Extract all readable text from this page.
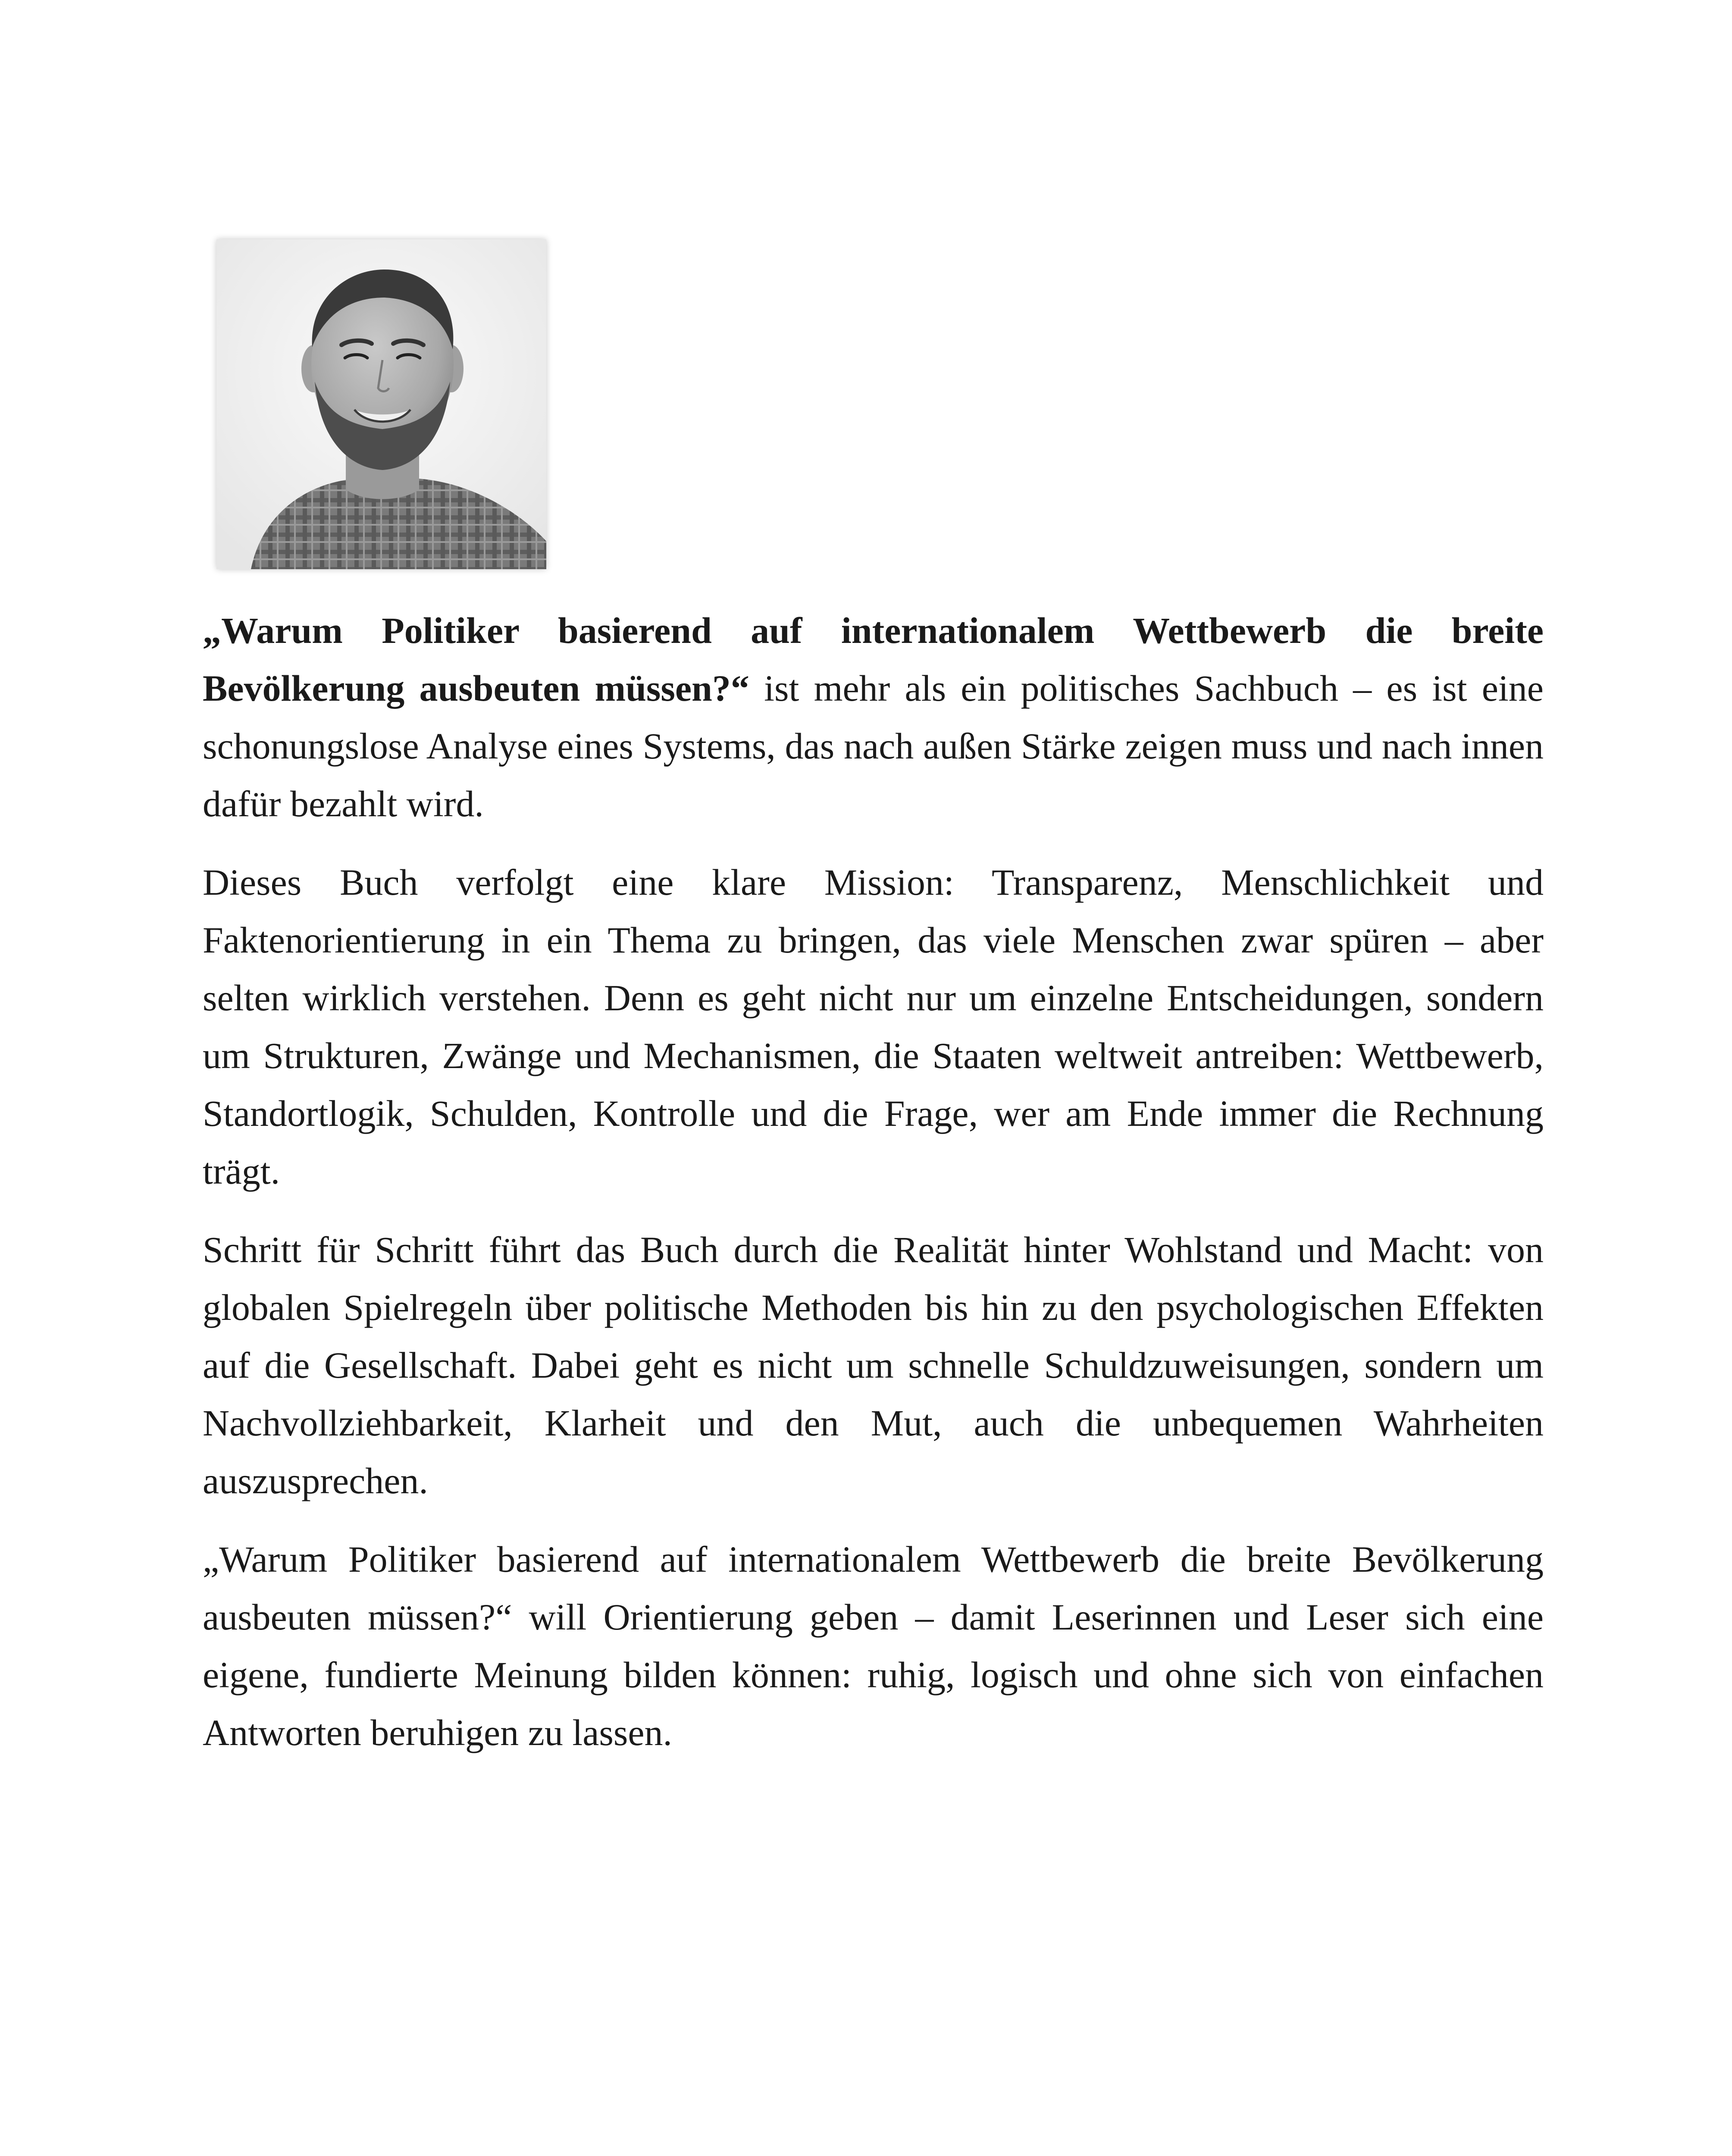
„Warum Politiker basierend auf internationalem Wettbewerb die breite Bevölkerung ausbeuten müssen?“ ist mehr als ein politisches Sachbuch – es ist eine schonungslose Analyse eines Systems, das nach außen Stärke zeigen muss und nach innen dafür bezahlt wird.

Dieses Buch verfolgt eine klare Mission: Transparenz, Menschlichkeit und Faktenorientierung in ein Thema zu bringen, das viele Menschen zwar spüren – aber selten wirklich verstehen. Denn es geht nicht nur um einzelne Entscheidungen, sondern um Strukturen, Zwänge und Mechanismen, die Staaten weltweit antreiben: Wettbewerb, Standortlogik, Schulden, Kontrolle und die Frage, wer am Ende immer die Rechnung trägt.

Schritt für Schritt führt das Buch durch die Realität hinter Wohlstand und Macht: von globalen Spielregeln über politische Methoden bis hin zu den psychologischen Effekten auf die Gesellschaft. Dabei geht es nicht um schnelle Schuldzuweisungen, sondern um Nachvollziehbarkeit, Klarheit und den Mut, auch die unbequemen Wahrheiten auszusprechen.

„Warum Politiker basierend auf internationalem Wettbewerb die breite Bevölkerung ausbeuten müssen?“ will Orientierung geben – damit Leserinnen und Leser sich eine eigene, fundierte Meinung bilden können: ruhig, logisch und ohne sich von einfachen Antworten beruhigen zu lassen.
